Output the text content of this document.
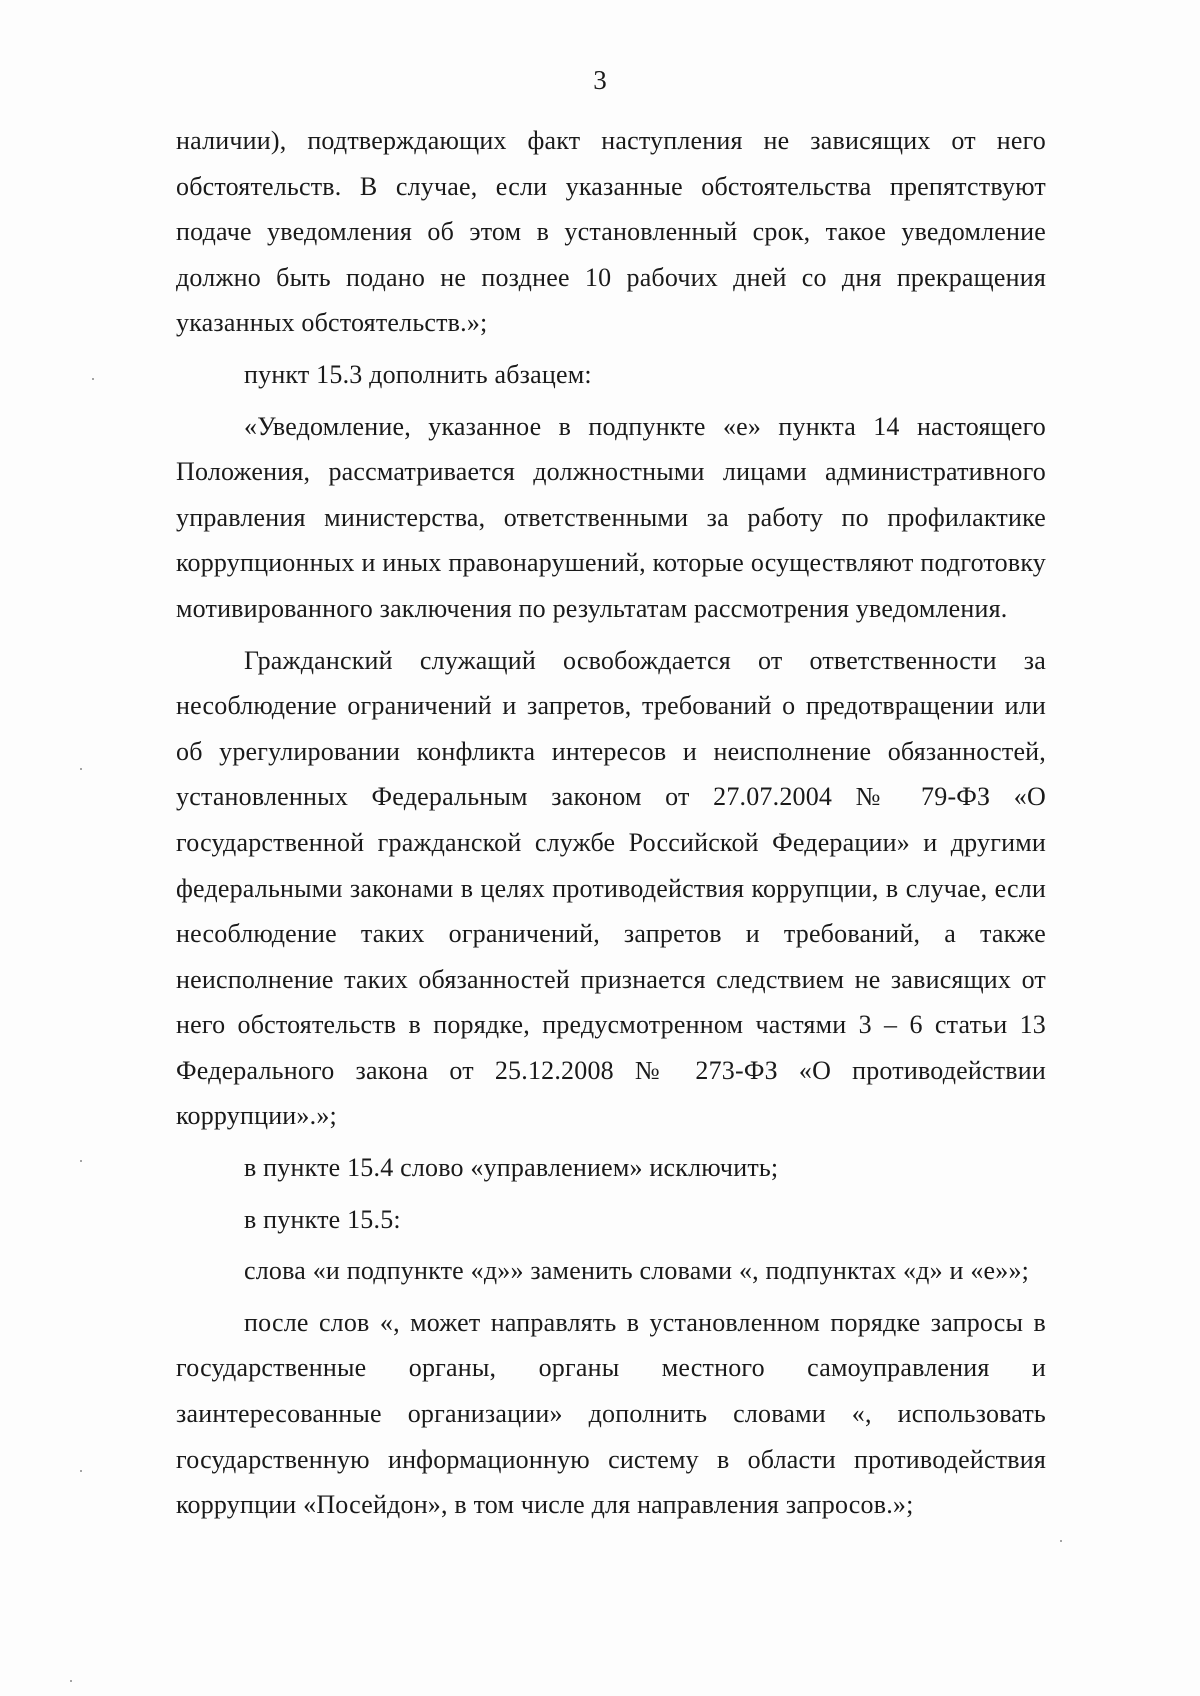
3

наличии), подтверждающих факт наступления не зависящих от него обстоятельств. В случае, если указанные обстоятельства препятствуют подаче уведомления об этом в установленный срок, такое уведомление должно быть подано не позднее 10 рабочих дней со дня прекращения указанных обстоятельств.»;

пункт 15.3 дополнить абзацем:

«Уведомление, указанное в подпункте «е» пункта 14 настоящего Положения, рассматривается должностными лицами административного управления министерства, ответственными за работу по профилактике коррупционных и иных правонарушений, которые осуществляют подготовку мотивированного заключения по результатам рассмотрения уведомления.

Гражданский служащий освобождается от ответственности за несоблюдение ограничений и запретов, требований о предотвращении или об урегулировании конфликта интересов и неисполнение обязанностей, установленных Федеральным законом от 27.07.2004 № 79-ФЗ «О государственной гражданской службе Российской Федерации» и другими федеральными законами в целях противодействия коррупции, в случае, если несоблюдение таких ограничений, запретов и требований, а также неисполнение таких обязанностей признается следствием не зависящих от него обстоятельств в порядке, предусмотренном частями 3 – 6 статьи 13 Федерального закона от 25.12.2008 № 273-ФЗ «О противодействии коррупции».»;

в пункте 15.4 слово «управлением» исключить;

в пункте 15.5:

слова «и подпункте «д»» заменить словами «, подпунктах «д» и «е»»;

после слов «, может направлять в установленном порядке запросы в государственные органы, органы местного самоуправления и заинтересованные организации» дополнить словами «, использовать государственную информационную систему в области противодействия коррупции «Посейдон», в том числе для направления запросов.»;
